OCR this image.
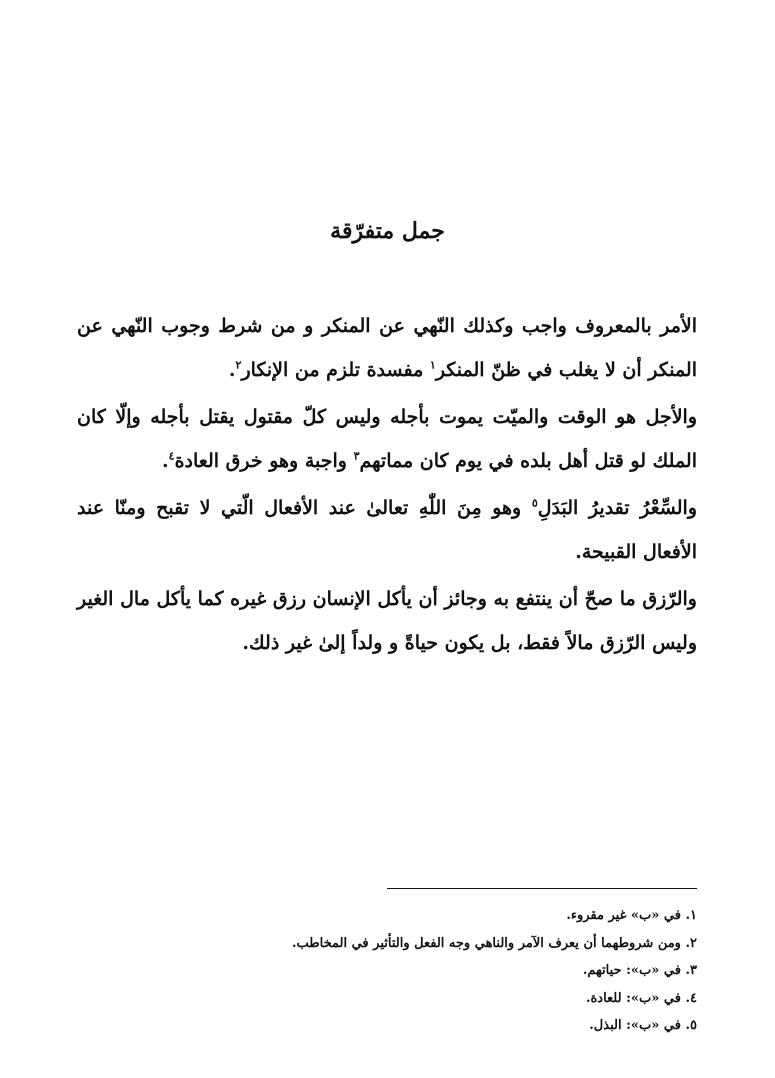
جمل متفرّقة

الأمر بالمعروف واجب وكذلك النّهي عن المنكر و من شرط وجوب النّهي عن المنكر أن لا يغلب في ظنّ المنكر$^١$ مفسدة تلزم من الإنكار$^٢$.

والأجل هو الوقت والميّت يموت بأجله وليس كلّ مقتول يقتل بأجله وإلّا كان الملك لو قتل أهل بلده في يوم كان مماتهم$^٣$ واجبة وهو خرق العادة$^٤$.

والسِّعْرُ تقديرُ البَدَلِ$^٥$ وهو مِنَ اللّٰهِ تعالىٰ عند الأفعال الّتي لا تقبح ومنّا عند الأفعال القبيحة.

والرّزق ما صحّ أن ينتفع به وجائز أن يأكل الإنسان رزق غيره كما يأكل مال الغير وليس الرّزق مالاً فقط، بل يكون حياةً و ولداً إلىٰ غير ذلك.

١. في «ب» غير مقروء.

٢. ومن شروطهما أن يعرف الآمر والناهي وجه الفعل والتأثير في المخاطب.

٣. في «ب»: حياتهم.

٤. في «ب»: للعادة.

٥. في «ب»: البذل.
